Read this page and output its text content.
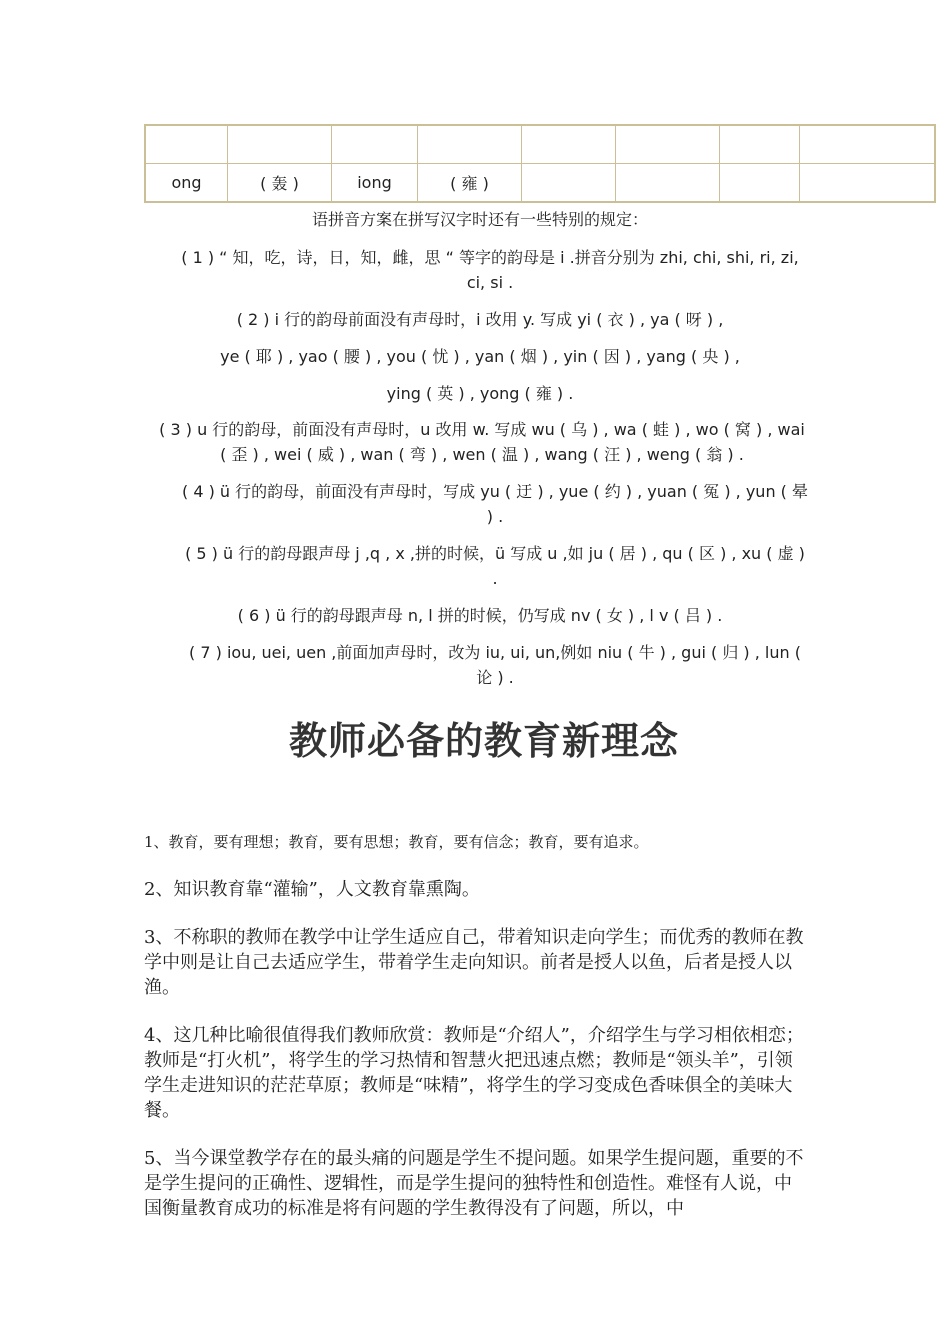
ong	( 轰 )	iong	( 雍 )				

语拼音方案在拼写汉字时还有一些特别的规定：

( 1 ) “ 知，吃，诗，日，知，雌，思 “ 等字的韵母是 i .拼音分别为 zhi, chi, shi, ri, zi, ci, si .

( 2 ) i 行的韵母前面没有声母时，i 改用 y. 写成 yi ( 衣 ) , ya ( 呀 ) ,

ye ( 耶 ) , yao ( 腰 ) , you ( 忧 ) , yan ( 烟 ) , yin ( 因 ) , yang ( 央 ) ,

ying ( 英 ) , yong ( 雍 ) .

( 3 ) u 行的韵母，前面没有声母时，u 改用 w. 写成 wu ( 乌 ) , wa ( 蛙 ) , wo ( 窝 ) , wai ( 歪 ) , wei ( 威 ) , wan ( 弯 ) , wen ( 温 ) , wang ( 汪 ) , weng ( 翁 ) .

( 4 ) ü 行的韵母，前面没有声母时，写成 yu ( 迂 ) , yue ( 约 ) , yuan ( 冤 ) , yun ( 晕 ) .

( 5 ) ü 行的韵母跟声母 j ,q , x ,拼的时候，ü 写成 u ,如 ju ( 居 ) , qu ( 区 ) , xu ( 虚 ) .

( 6 ) ü 行的韵母跟声母 n, l 拼的时候，仍写成 nv ( 女 ) , l v ( 吕 ) .

( 7 ) iou, uei, uen ,前面加声母时，改为 iu, ui, un,例如 niu ( 牛 ) , gui ( 归 ) , lun ( 论 ) .

教师必备的教育新理念

1、教育，要有理想；教育，要有思想；教育，要有信念；教育，要有追求。

2、知识教育靠“灌输”，人文教育靠熏陶。

3、不称职的教师在教学中让学生适应自己，带着知识走向学生；而优秀的教师在教学中则是让自己去适应学生，带着学生走向知识。前者是授人以鱼，后者是授人以渔。

4、这几种比喻很值得我们教师欣赏：教师是“介绍人”，介绍学生与学习相依相恋；教师是“打火机”，将学生的学习热情和智慧火把迅速点燃；教师是“领头羊”，引领学生走进知识的茫茫草原；教师是“味精”，将学生的学习变成色香味俱全的美味大餐。

5、当今课堂教学存在的最头痛的问题是学生不提问题。如果学生提问题，重要的不是学生提问的正确性、逻辑性，而是学生提问的独特性和创造性。难怪有人说，中国衡量教育成功的标准是将有问题的学生教得没有了问题，所以，中
